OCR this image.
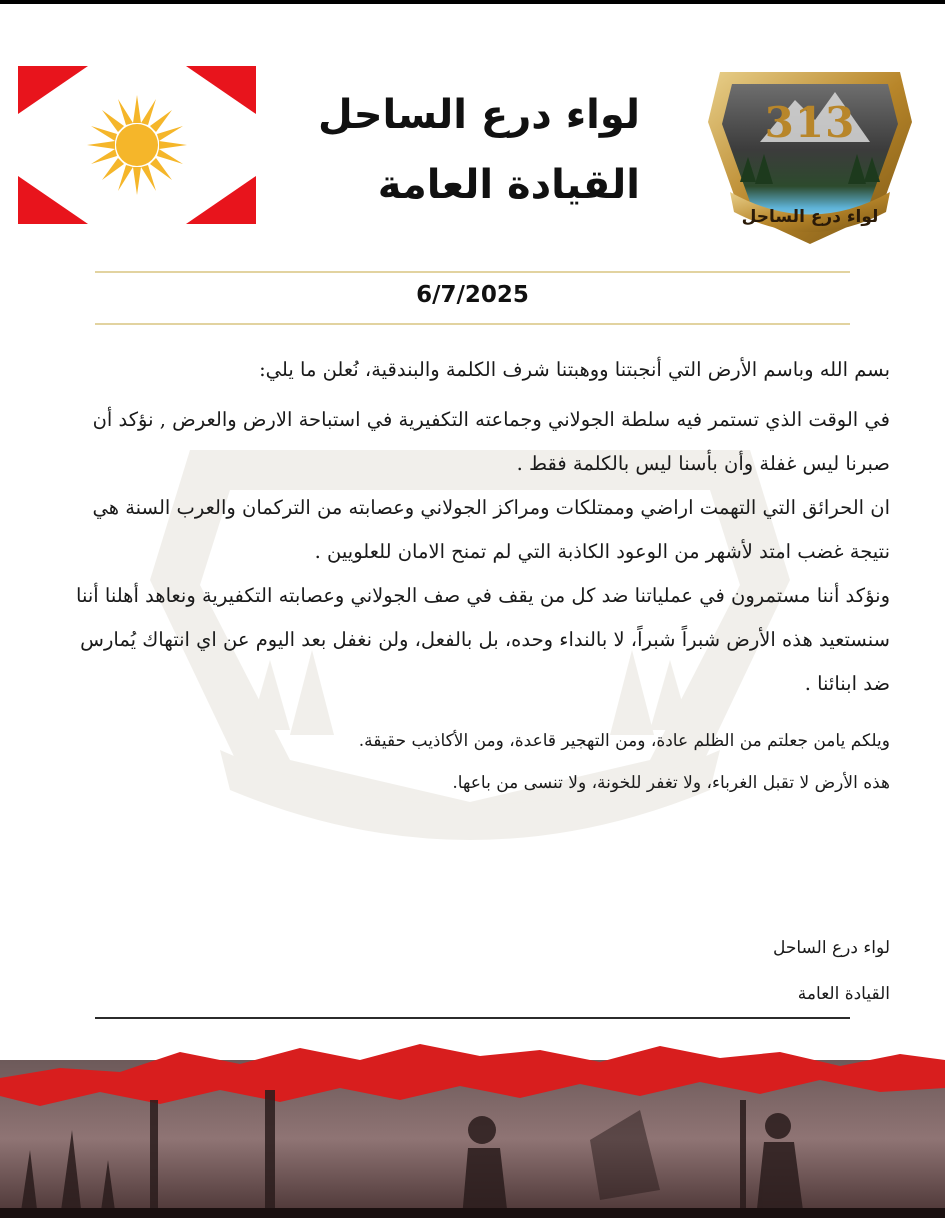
لواء درع الساحل
القيادة العامة
313
لواء درع الساحل
6/7/2025

بسم الله وباسم الأرض التي أنجبتنا ووهبتنا شرف الكلمة والبندقية، نُعلن ما يلي:

في الوقت الذي تستمر فيه سلطة الجولاني وجماعته التكفيرية في استباحة الارض والعرض , نؤكد أن صبرنا ليس غفلة وأن بأسنا ليس بالكلمة فقط .

ان الحرائق التي التهمت اراضي وممتلكات ومراكز الجولاني وعصابته من التركمان والعرب السنة هي نتيجة غضب امتد لأشهر من الوعود الكاذبة التي لم تمنح الامان للعلويين .

ونؤكد أننا مستمرون في عملياتنا ضد كل من يقف في صف الجولاني وعصابته التكفيرية ونعاهد أهلنا أننا سنستعيد هذه الأرض شبراً شبراً، لا بالنداء وحده، بل بالفعل، ولن نغفل بعد اليوم عن اي انتهاك يُمارس ضد ابنائنا .

ويلكم يامن جعلتم من الظلم عادة، ومن التهجير قاعدة، ومن الأكاذيب حقيقة.

هذه الأرض لا تقبل الغرباء، ولا تغفر للخونة، ولا تنسى من باعها.

لواء درع الساحل
القيادة العامة
